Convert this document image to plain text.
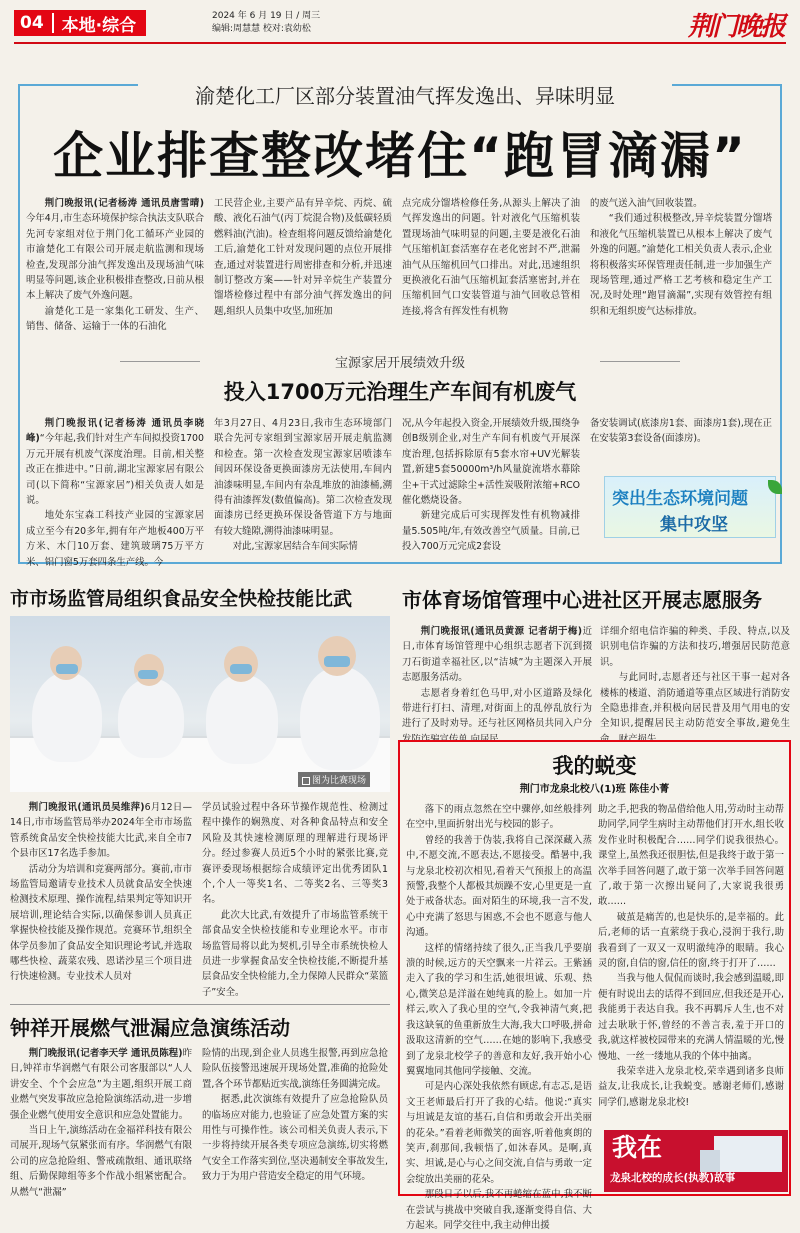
04	本地·综合	2024 年 6 月 19 日 / 周三
编辑:周慧慧 校对:袁幼松	荆门晚报
渝楚化工厂区部分装置油气挥发逸出、异味明显
企业排查整改堵住“跑冒滴漏”

荆门晚报讯(记者杨涛 通讯员唐雪晴)今年4月,市生态环境保护综合执法支队联合先河专家组对位于荆门化工循环产业园的市渝楚化工有限公司开展走航监测和现场检查,发现部分油气挥发逸出及现场油气味明显等问题,该企业积极排查整改,日前从根本上解决了废气外逸问题。

渝楚化工是一家集化工研发、生产、销售、储备、运输于一体的石油化

工民营企业,主要产品有异辛烷、丙烷、硫酸、液化石油气(丙丁烷混合物)及低碳轻质燃料油(汽油)。检查组将问题反馈给渝楚化工后,渝楚化工针对发现问题的点位开展排查,通过对装置进行周密排查和分析,并迅速制订整改方案——针对异辛烷生产装置分馏塔检修过程中有部分油气挥发逸出的问题,组织人员集中攻坚,加班加

点完成分馏塔检修任务,从源头上解决了油气挥发逸出的问题。针对液化气压缩机装置现场油气味明显的问题,主要是液化石油气压缩机缸套活塞存在老化密封不严,泄漏油气从压缩机回气口排出。对此,迅速组织更换液化石油气压缩机缸套活塞密封,并在压缩机回气口安装管道与油气回收总管相连接,将含有挥发性有机物

的废气送入油气回收装置。

“我们通过积极整改,异辛烷装置分馏塔和液化气压缩机装置已从根本上解决了废气外逸的问题。”渝楚化工相关负责人表示,企业将积极落实环保管理责任制,进一步加强生产现场管理,通过严格工艺考核和稳定生产工况,及时处理“跑冒滴漏”,实现有效管控有组织和无组织废气达标排放。

宝源家居开展绩效升级
投入1700万元治理生产车间有机废气

荆门晚报讯(记者杨涛 通讯员李晓峰)“今年起,我们针对生产车间拟投资1700万元开展有机废气深度治理。目前,相关整改正在推进中。”日前,湖北宝源家居有限公司(以下简称“宝源家居”)相关负责人如是说。

地处东宝森工科技产业园的宝源家居成立至今有20多年,拥有年产地板400万平方米、木门10万套、建筑玻璃75万平方米、铝门窗5万套四条生产线。今

年3月27日、4月23日,我市生态环境部门联合先河专家组到宝源家居开展走航监测和检查。第一次检查发现宝源家居喷漆车间因环保设备更换面漆房无法使用,车间内油漆味明显,车间内有杂乱堆放的油漆桶,溯得有油漆挥发(数值偏高)。第二次检查发现面漆房已经更换环保设备管道下方与地面有较大缝隙,溯得油漆味明显。

对此,宝源家居结合车间实际情

况,从今年起投入资金,开展绩效升级,围绕争创B级别企业,对生产车间有机废气开展深度治理,包括拆除原有5套水帘+UV光解装置,新建5套50000m³/h风量旋流塔水幕除尘+干式过滤除尘+活性炭吸附浓缩+RCO催化燃烧设备。

新建完成后可实现挥发性有机物减排量5.505吨/年,有效改善空气质量。目前,已投入700万元完成2套设

备安装调试(底漆房1套、面漆房1套),现在正在安装第3套设备(面漆房)。

突出生态环境问题
集中攻坚
市市场监管局组织食品安全快检技能比武
图为比赛现场

荆门晚报讯(通讯员吴维萍)6月12日—14日,市市场监管局举办2024年全市市场监管系统食品安全快检技能大比武,来自全市7个县市区17名选手参加。

活动分为培训和竞赛两部分。赛前,市市场监管局邀请专业技术人员就食品安全快速检测技术原理、操作流程,结果判定等知识开展培训,理论结合实际,以确保参训人员真正掌握快检技能及操作规范。竞赛环节,组织全体学员参加了食品安全知识理论考试,并选取哪些快检、蔬菜农残、恩诺沙星三个项目进行快速检测。专业技术人员对

学员试验过程中各环节操作规范性、检测过程中操作的娴熟度、对各种食品特点和安全风险及其快速检测原理的理解进行现场评分。经过参赛人员近5个小时的紧张比赛,竞赛评委现场根据综合成绩评定出优秀团队1个,个人一等奖1名、二等奖2名、三等奖3名。

此次大比武,有效提升了市场监管系统干部食品安全快检技能和专业理论水平。市市场监管局将以此为契机,引导全市系统快检人员进一步掌握食品安全快检技能,不断提升基层食品安全快检能力,全力保障人民群众“菜篮子”安全。

市体育场馆管理中心进社区开展志愿服务

荆门晚报讯(通讯员黄源 记者胡于梅)近日,市体育场馆管理中心组织志愿者下沉到掇刀石街道幸福社区,以“洁城”为主题深入开展志愿服务活动。

志愿者身着红色马甲,对小区道路及绿化带进行打扫、清理,对街面上的乱停乱放行为进行了及时劝导。还与社区网格员共同入户分

详细介绍电信诈骗的种类、手段、特点,以及识别电信诈骗的方法和技巧,增强居民防范意识。

与此同时,志愿者还与社区干事一起对各楼栋的楼道、消防通道等重点区域进行消防安全隐患排查,并积极向居民普及用气用电的安全知识,提醒居民主动防范安全事故,避免生

钟祥开展燃气泄漏应急演练活动

荆门晚报讯(记者李天学 通讯员陈程)昨日,钟祥市华润燃气有限公司客服部以“人人讲安全、个个会应急”为主题,组织开展工商业燃气突发事故应急抢险演练活动,进一步增强企业燃气使用安全意识和应急处置能力。

当日上午,演练活动在金福祥科技有限公司展开,现场气氛紧张而有序。华润燃气有限公司的应急抢险组、警戒疏散组、通讯联络组、后勤保障组等多个作战小组紧密配合。从燃气“泄漏”

险情的出现,到企业人员逃生报警,再到应急抢险队伍接警迅速展开现场处置,准确的抢险处置,各个环节都贴近实战,演练任务圆满完成。

据悉,此次演练有效提升了应急抢险队员的临场应对能力,也验证了应急处置方案的实用性与可操作性。该公司相关负责人表示,下一步将持续开展各类专项应急演练,切实将燃气安全工作落实到位,坚决遏制安全事故发生,致力于为用户营造安全稳定的用气环境。

我的蜕变
荆门市龙泉北校八(1)班 陈佳小菁

落下的雨点忽然在空中骤停,如丝般排列在空中,里面折射出光与校园的影子。

曾经的我善于伪装,我将自己深深藏入蒸中,不愿交流,不愿表达,不愿接受。酷暑中,我与龙泉北校初次相见,看着天气预报上的高温预警,我整个人都极其烦躁不安,心里更是一直处于戒备状态。面对陌生的环境,我一言不发,心中充满了怒思与困惑,不会也不愿意与他人沟通。

这样的情绪持续了很久,正当我几乎要崩溃的时候,远方的天空飘来一片祥云。王紫涵走入了我的学习和生活,她很坦诚、乐观、热心,微笑总是洋溢在她纯真的脸上。如加一片样云,吹入了我心里的空气,令我神清气爽,把我这缺氧的鱼重新放生大海,我大口呼吸,拼命汲取这清新的空气……在她的影响下,我感受到了龙泉北校学子的善意和友好,我开始小心翼翼地同其他同学接触、交流。

可是内心深处我依然有顾虑,有志忑,是语文王老师最后打开了我的心结。他说:“真实与坦诚是友谊的基石,自信和勇敢会开出美丽的花朵。”看着老师微笑的面容,听着他爽朗的笑声,刹那间,我顿悟了,如沐春风。是啊,真实、坦诚,是心与心之间交流,自信与勇敢一定会绽放出美丽的花朵。

那段日子以后,我不再蜷缩在蓝中,我不断在尝试与挑战中突破自我,逐渐变得自信、大方起来。同学交往中,我主动伸出援

助之手,把我的物品借给他人用,劳动时主动帮助同学,同学生病时主动帮他们打开水,组长收发作业时积极配合……同学们说我很热心。课堂上,虽然我还很胆怯,但是我终于敢于第一次举手回答问题了,敢于第一次举手回答问题了,敢于第一次擦出疑问了,大家说我很勇敢……

破茧是痛苦的,也是快乐的,是幸福的。此后,老师的话一直萦绕于我心,浸润于我行,助我看到了一双又一双明澈纯净的眼睛。我心灵的窗,自信的窗,信任的窗,终于打开了……

当我与他人侃侃而谈时,我会感到温暖,即便有时说出去的话得不到回应,但我还是开心,我能勇于表达自我。我不再羁斥人生,也不对过去耿耿于怀,曾经的不善言表,羞于开口的我,就这样被校园带来的充满人情温暖的光,慢慢地、一丝一缕地从我的个体中抽离。

我荣幸进入龙泉北校,荣幸遇到诸多良师益友,让我成长,让我蜕变。感谢老师们,感谢同学们,感谢龙泉北校!

我在
龙泉北校的成长(执教)故事
